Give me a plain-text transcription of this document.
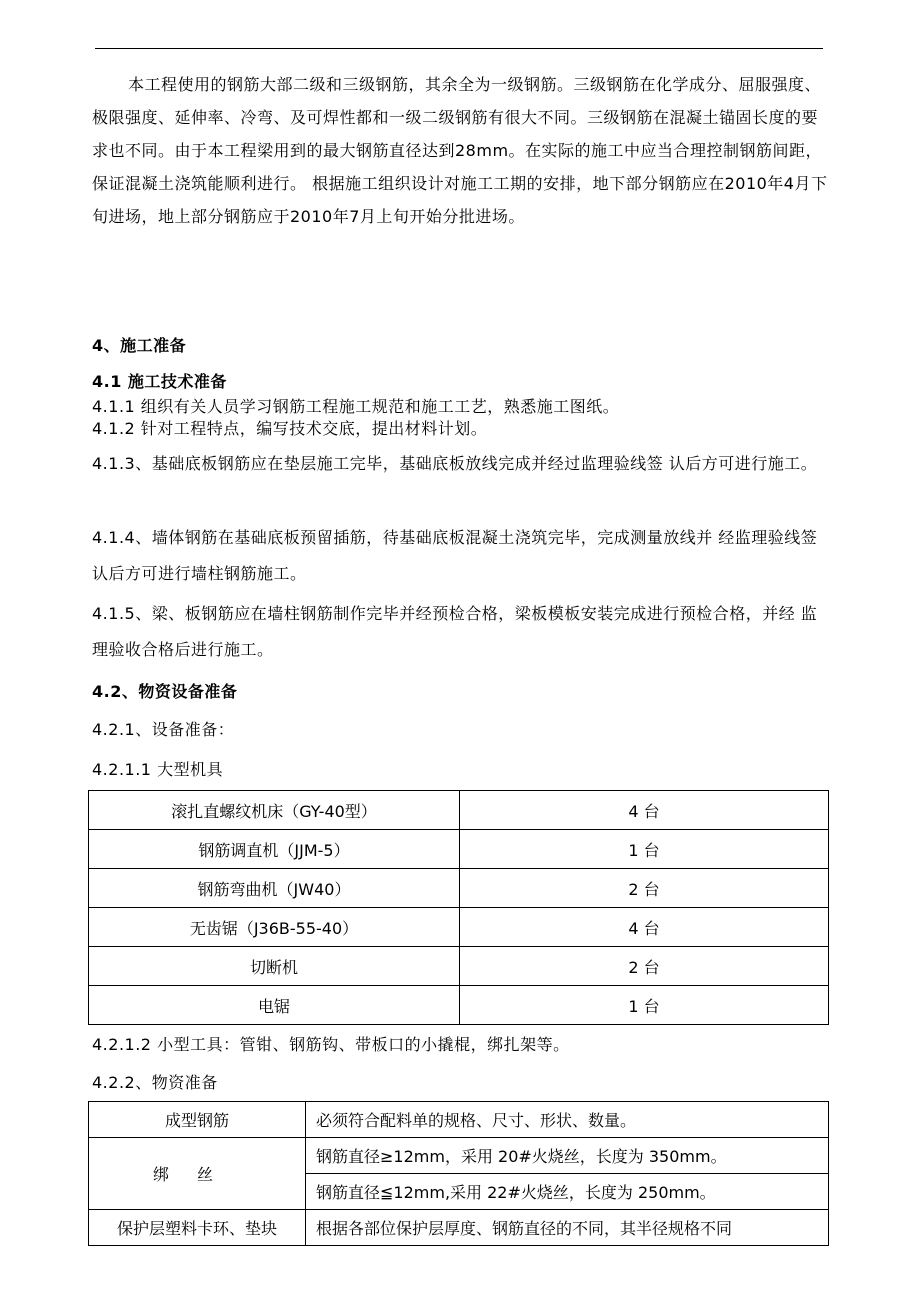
本工程使用的钢筋大部二级和三级钢筋，其余全为一级钢筋。三级钢筋在化学成分、屈服强度、极限强度、延伸率、冷弯、及可焊性都和一级二级钢筋有很大不同。三级钢筋在混凝土锚固长度的要求也不同。由于本工程梁用到的最大钢筋直径达到28mm。在实际的施工中应当合理控制钢筋间距，保证混凝土浇筑能顺利进行。 根据施工组织设计对施工工期的安排，地下部分钢筋应在2010年4月下旬进场，地上部分钢筋应于2010年7月上旬开始分批进场。
4、施工准备
4.1 施工技术准备
4.1.1 组织有关人员学习钢筋工程施工规范和施工工艺，熟悉施工图纸。
4.1.2 针对工程特点，编写技术交底，提出材料计划。
4.1.3、基础底板钢筋应在垫层施工完毕，基础底板放线完成并经过监理验线签 认后方可进行施工。
4.1.4、墙体钢筋在基础底板预留插筋，待基础底板混凝土浇筑完毕，完成测量放线并 经监理验线签认后方可进行墙柱钢筋施工。
4.1.5、梁、板钢筋应在墙柱钢筋制作完毕并经预检合格，梁板模板安装完成进行预检合格，并经 监理验收合格后进行施工。
4.2、物资设备准备
4.2.1、设备准备：
4.2.1.1 大型机具
滚扎直螺纹机床（GY-40型）	4 台
钢筋调直机（JJM-5）	1 台
钢筋弯曲机（JW40）	2 台
无齿锯（J36B-55-40）	4 台
切断机	2 台
电锯	1 台
4.2.1.2 小型工具：管钳、钢筋钩、带板口的小撬棍，绑扎架等。
4.2.2、物资准备
成型钢筋	必须符合配料单的规格、尺寸、形状、数量。
绑丝	钢筋直径≥12mm，采用 20#火烧丝，长度为 350mm。
	钢筋直径≦12mm,采用 22#火烧丝，长度为 250mm。
保护层塑料卡环、垫块	根据各部位保护层厚度、钢筋直径的不同，其半径规格不同
